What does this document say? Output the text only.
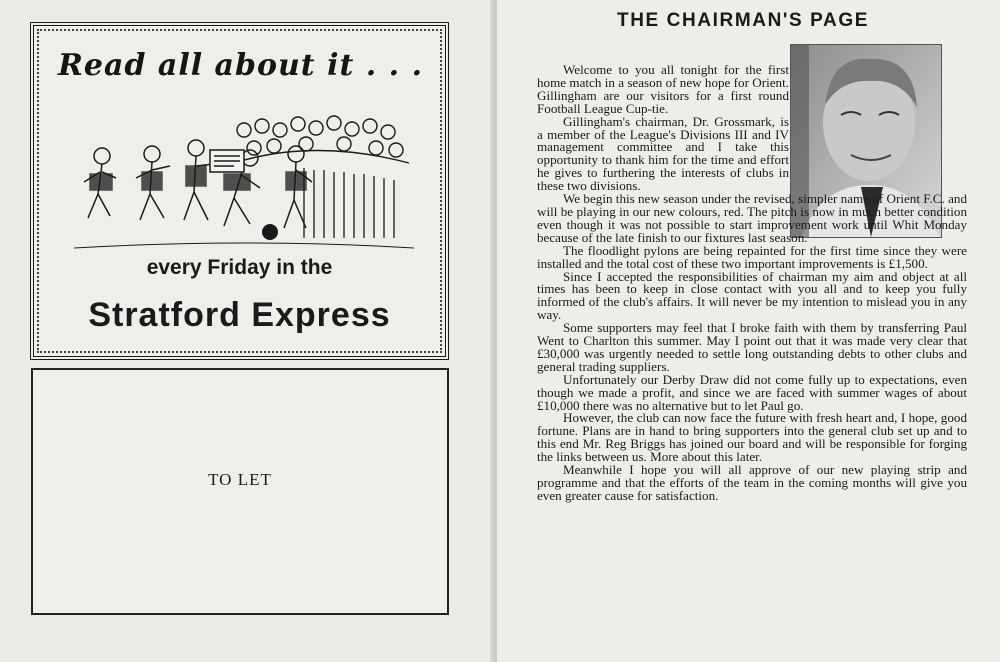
Read all about it . . .

every Friday in the

Stratford Express

TO LET

THE CHAIRMAN'S PAGE

Welcome to you all tonight for the first home match in a season of new hope for Orient. Gillingham are our visitors for a first round Football League Cup-tie.

Gillingham's chairman, Dr. Grossmark, is a member of the League's Divisions III and IV management committee and I take this opportunity to thank him for the time and effort he gives to furthering the interests of clubs in these two divisions.

We begin this new season under the revised, simpler name of Orient F.C. and will be playing in our new colours, red. The pitch is now in much better condition even though it was not possible to start improvement work until Whit Monday because of the late finish to our fixtures last season.

The floodlight pylons are being repainted for the first time since they were installed and the total cost of these two important improvements is £1,500.

Since I accepted the responsibilities of chairman my aim and object at all times has been to keep in close contact with you all and to keep you fully informed of the club's affairs. It will never be my intention to mislead you in any way.

Some supporters may feel that I broke faith with them by transferring Paul Went to Charlton this summer. May I point out that it was made very clear that £30,000 was urgently needed to settle long outstanding debts to other clubs and general trading suppliers.

Unfortunately our Derby Draw did not come fully up to expectations, even though we made a profit, and since we are faced with summer wages of about £10,000 there was no alternative but to let Paul go.

However, the club can now face the future with fresh heart and, I hope, good fortune. Plans are in hand to bring supporters into the general club set up and to this end Mr. Reg Briggs has joined our board and will be responsible for forging the links between us. More about this later.

Meanwhile I hope you will all approve of our new playing strip and programme and that the efforts of the team in the coming months will give you even greater cause for satisfaction.
